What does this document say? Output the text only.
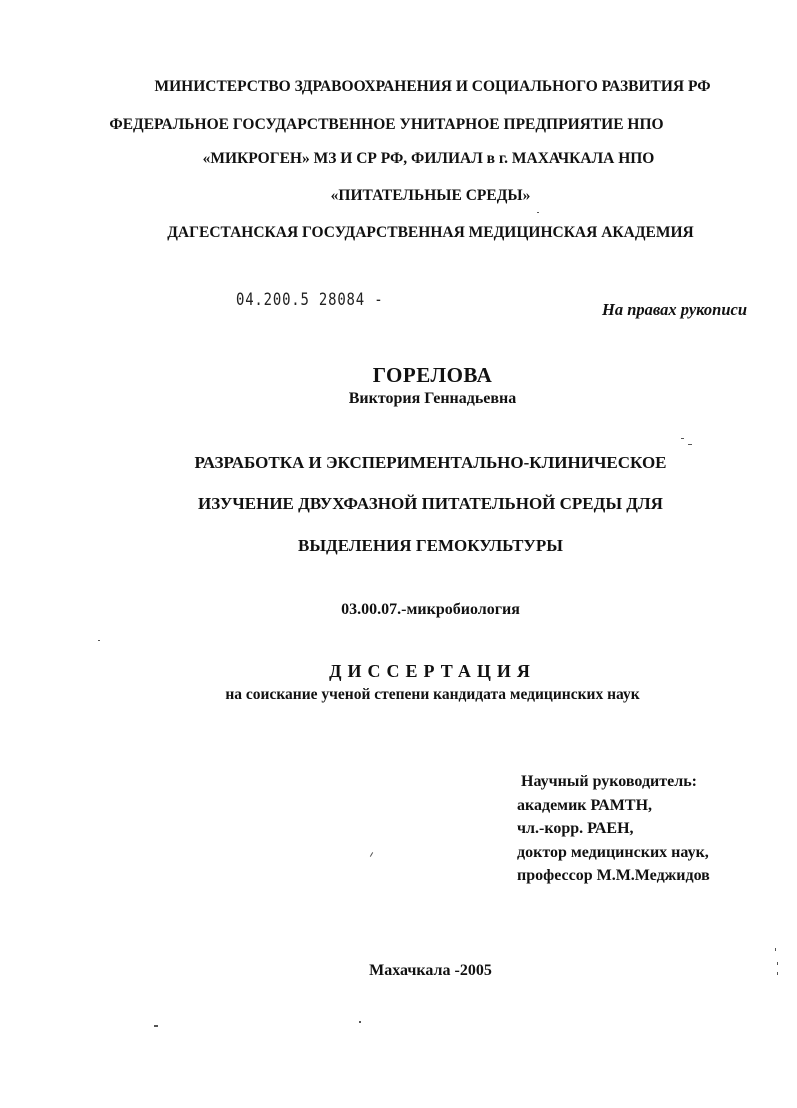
МИНИСТЕРСТВО ЗДРАВООХРАНЕНИЯ И СОЦИАЛЬНОГО РАЗВИТИЯ РФ
ФЕДЕРАЛЬНОЕ ГОСУДАРСТВЕННОЕ УНИТАРНОЕ ПРЕДПРИЯТИЕ НПО
«МИКРОГЕН» МЗ И СР РФ, ФИЛИАЛ в г. МАХАЧКАЛА НПО
«ПИТАТЕЛЬНЫЕ СРЕДЫ»
ДАГЕСТАНСКАЯ ГОСУДАРСТВЕННАЯ МЕДИЦИНСКАЯ АКАДЕМИЯ
04.200.5 28084 -	На правах рукописи
ГОРЕЛОВА
Виктория Геннадьевна
РАЗРАБОТКА И ЭКСПЕРИМЕНТАЛЬНО-КЛИНИЧЕСКОЕ
ИЗУЧЕНИЕ ДВУХФАЗНОЙ ПИТАТЕЛЬНОЙ СРЕДЫ ДЛЯ
ВЫДЕЛЕНИЯ ГЕМОКУЛЬТУРЫ
03.00.07.-микробиология
ДИССЕРТАЦИЯ
на соискание ученой степени кандидата медицинских наук
Научный руководитель:
академик РАМТН,
чл.-корр. РАЕН,
доктор медицинских наук,
профессор М.М.Меджидов
Махачкала -2005
